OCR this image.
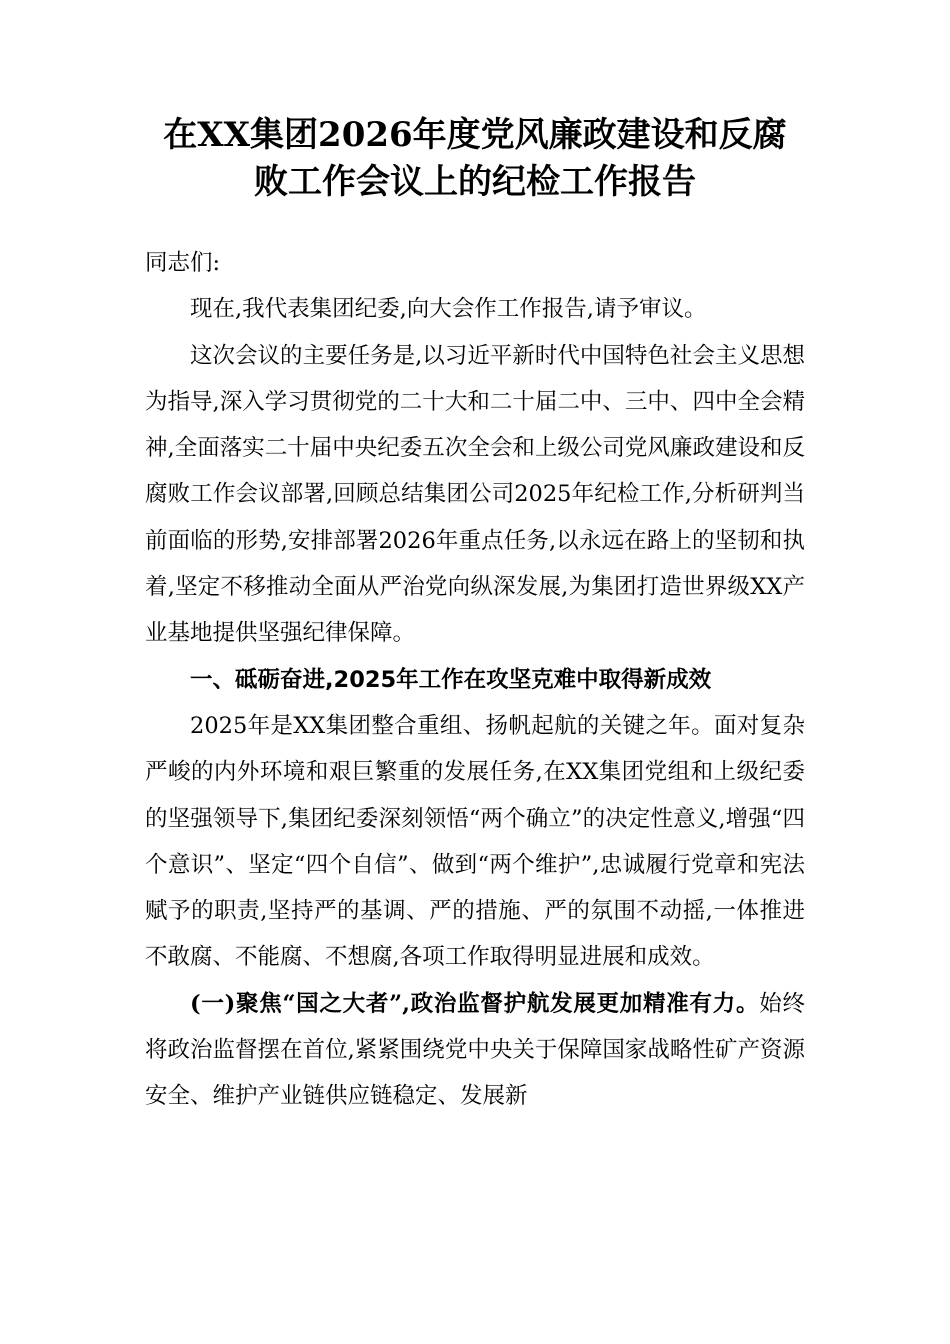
在XX集团2026年度党风廉政建设和反腐
败工作会议上的纪检工作报告

同志们:

现在,我代表集团纪委,向大会作工作报告,请予审议。

这次会议的主要任务是,以习近平新时代中国特色社会主义思想为指导,深入学习贯彻党的二十大和二十届二中、三中、四中全会精神,全面落实二十届中央纪委五次全会和上级公司党风廉政建设和反腐败工作会议部署,回顾总结集团公司2025年纪检工作,分析研判当前面临的形势,安排部署2026年重点任务,以永远在路上的坚韧和执着,坚定不移推动全面从严治党向纵深发展,为集团打造世界级XX产业基地提供坚强纪律保障。

一、砥砺奋进,2025年工作在攻坚克难中取得新成效

2025年是XX集团整合重组、扬帆起航的关键之年。面对复杂严峻的内外环境和艰巨繁重的发展任务,在XX集团党组和上级纪委的坚强领导下,集团纪委深刻领悟“两个确立”的决定性意义,增强“四个意识”、坚定“四个自信”、做到“两个维护”,忠诚履行党章和宪法赋予的职责,坚持严的基调、严的措施、严的氛围不动摇,一体推进不敢腐、不能腐、不想腐,各项工作取得明显进展和成效。

(一)聚焦“国之大者”,政治监督护航发展更加精准有力。始终将政治监督摆在首位,紧紧围绕党中央关于保障国家战略性矿产资源安全、维护产业链供应链稳定、发展新
